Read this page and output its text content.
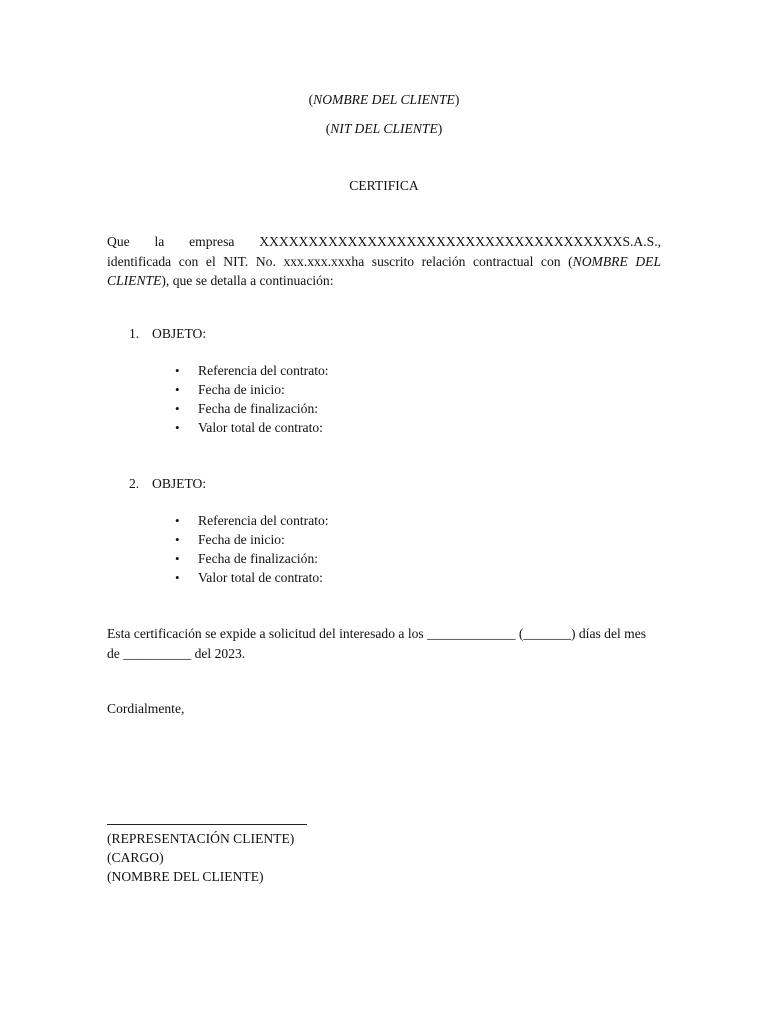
(NOMBRE DEL CLIENTE)
(NIT DEL CLIENTE)
CERTIFICA

Que la empresa XXXXXXXXXXXXXXXXXXXXXXXXXXXXXXXXXXXXXS.A.S., identificada con el NIT. No. xxx.xxx.xxxha suscrito relación contractual con (NOMBRE DEL CLIENTE), que se detalla a continuación:

1. OBJETO:
• Referencia del contrato:
• Fecha de inicio:
• Fecha de finalización:
• Valor total de contrato:
2. OBJETO:
• Referencia del contrato:
• Fecha de inicio:
• Fecha de finalización:
• Valor total de contrato:
Esta certificación se expide a solicitud del interesado a los _____________ (_______) días del mes de __________ del 2023.
Cordialmente,
(REPRESENTACIÓN CLIENTE)
(CARGO)
(NOMBRE DEL CLIENTE)
